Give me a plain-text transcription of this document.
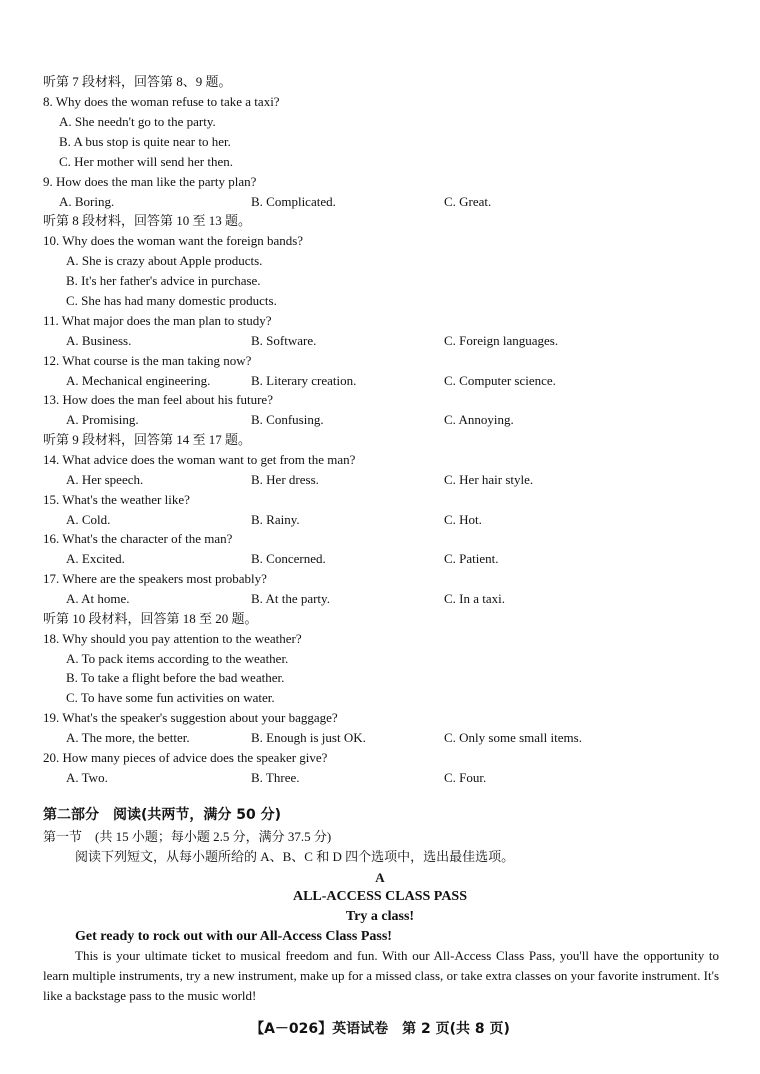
听第 7 段材料，回答第 8、9 题。
8. Why does the woman refuse to take a taxi?
A. She needn't go to the party.
B. A bus stop is quite near to her.
C. Her mother will send her then.
9. How does the man like the party plan?
A. Boring.	B. Complicated.	C. Great.
听第 8 段材料，回答第 10 至 13 题。
10. Why does the woman want the foreign bands?
A. She is crazy about Apple products.
B. It's her father's advice in purchase.
C. She has had many domestic products.
11. What major does the man plan to study?
A. Business.	B. Software.	C. Foreign languages.
12. What course is the man taking now?
A. Mechanical engineering.	B. Literary creation.	C. Computer science.
13. How does the man feel about his future?
A. Promising.	B. Confusing.	C. Annoying.
听第 9 段材料，回答第 14 至 17 题。
14. What advice does the woman want to get from the man?
A. Her speech.	B. Her dress.	C. Her hair style.
15. What's the weather like?
A. Cold.	B. Rainy.	C. Hot.
16. What's the character of the man?
A. Excited.	B. Concerned.	C. Patient.
17. Where are the speakers most probably?
A. At home.	B. At the party.	C. In a taxi.
听第 10 段材料，回答第 18 至 20 题。
18. Why should you pay attention to the weather?
A. To pack items according to the weather.
B. To take a flight before the bad weather.
C. To have some fun activities on water.
19. What's the speaker's suggestion about your baggage?
A. The more, the better.	B. Enough is just OK.	C. Only some small items.
20. How many pieces of advice does the speaker give?
A. Two.	B. Three.	C. Four.
第二部分　阅读(共两节，满分 50 分)
第一节　(共 15 小题；每小题 2.5 分，满分 37.5 分)
阅读下列短文，从每小题所给的 A、B、C 和 D 四个选项中，选出最佳选项。
A
ALL-ACCESS CLASS PASS
Try a class!
Get ready to rock out with our All-Access Class Pass!
This is your ultimate ticket to musical freedom and fun. With our All-Access Class Pass, you'll have the opportunity to learn multiple instruments, try a new instrument, make up for a missed class, or take extra classes on your favorite instrument. It's like a backstage pass to the music world!
【A－026】英语试卷　第 2 页(共 8 页)
